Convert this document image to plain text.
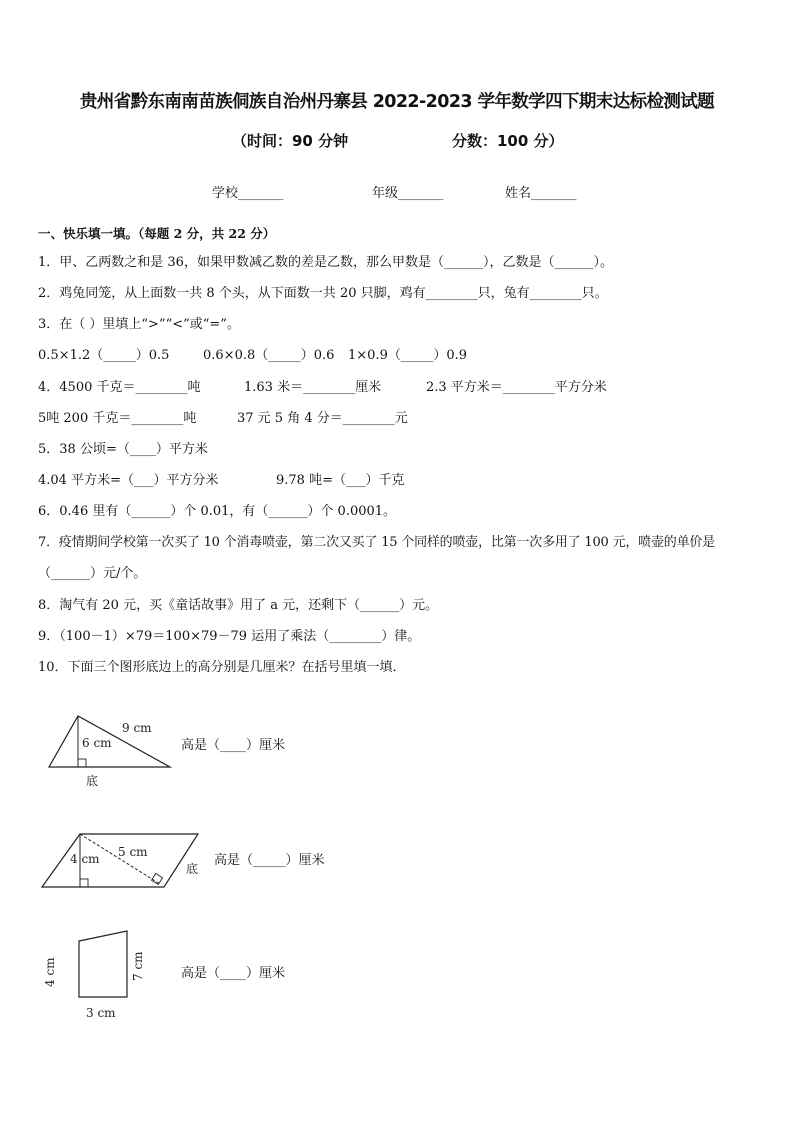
贵州省黔东南南苗族侗族自治州丹寨县 2022-2023 学年数学四下期末达标检测试题
（时间：90 分钟	分数：100 分）
学校_______	年级_______	姓名_______
一、快乐填一填。（每题 2 分，共 22 分）
1．甲、乙两数之和是 36，如果甲数减乙数的差是乙数，那么甲数是（______），乙数是（______）。
2．鸡兔同笼，从上面数一共 8 个头，从下面数一共 20 只脚，鸡有________只，兔有________只。
3．在（ ）里填上“>”“<”或“=”。
0.5×1.2（_____）0.5	0.6×0.8（_____）0.6 1×0.9（_____）0.9
4．4500 千克＝________吨	1.63 米＝________厘米	2.3 平方米＝________平方分米
5吨 200 千克＝________吨	37 元 5 角 4 分＝________元
5．38 公顷=（____）平方米
4.04 平方米=（___）平方分米	9.78 吨=（___）千克
6．0.46 里有（______）个 0.01，有（______）个 0.0001。
7．疫情期间学校第一次买了 10 个消毒喷壶，第二次又买了 15 个同样的喷壶，比第一次多用了 100 元，喷壶的单价是
（______）元/个。
8．淘气有 20 元，买《童话故事》用了 a 元，还剩下（______）元。
9．（100－1）×79＝100×79－79 运用了乘法（________）律。
10．下面三个图形底边上的高分别是几厘米？在括号里填一填．
9 cm
6 cm
底
高是（____）厘米
4 cm 5 cm
底
高是（_____）厘米
4 cm	7 cm
3 cm
高是（____）厘米
